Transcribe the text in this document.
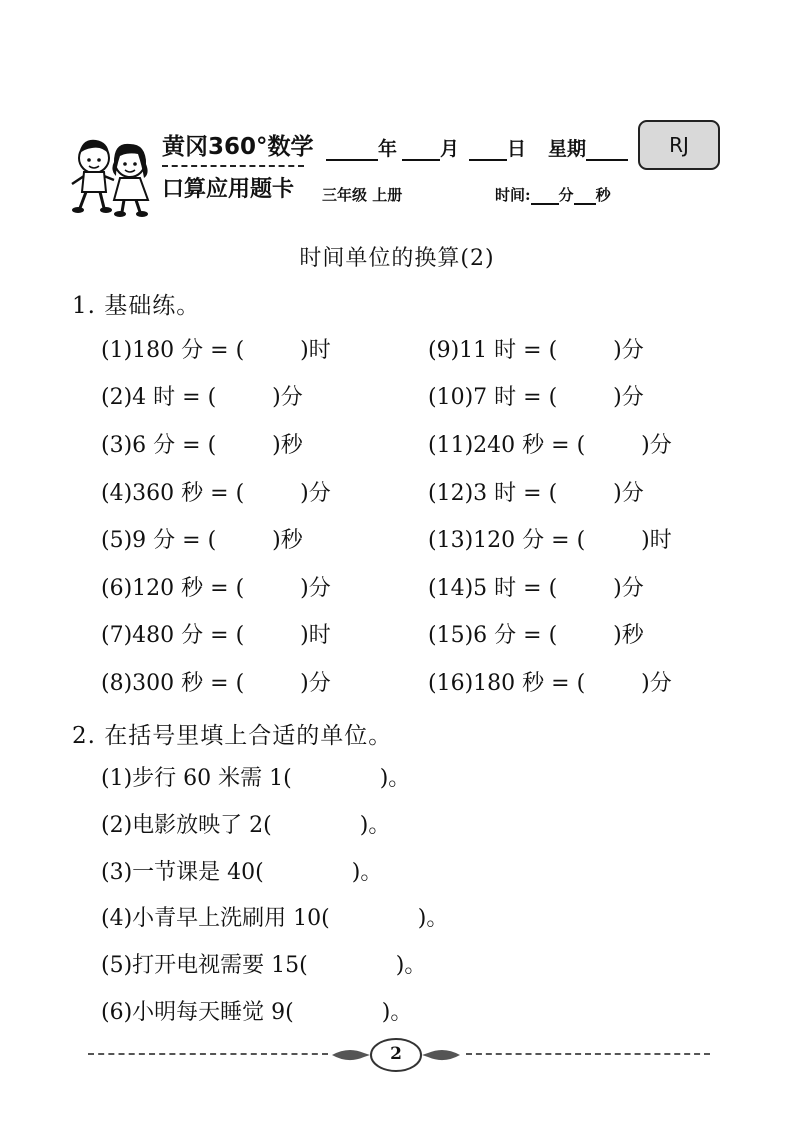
黄冈360°数学
口算应用题卡
年	月	日 星期
三年级 上册	时间: 分 秒
RJ
时间单位的换算(2)
1. 基础练。
(1)180 分 = (	)时
(2)4 时 = (	)分
(3)6 分 = (	)秒
(4)360 秒 = (	)分
(5)9 分 = (	)秒
(6)120 秒 = (	)分
(7)480 分 = (	)时
(8)300 秒 = (	)分
(9)11 时 = (	)分
(10)7 时 = (	)分
(11)240 秒 = (	)分
(12)3 时 = (	)分
(13)120 分 = (	)时
(14)5 时 = (	)分
(15)6 分 = (	)秒
(16)180 秒 = (	)分
2. 在括号里填上合适的单位。
(1)步行 60 米需 1(	)。
(2)电影放映了 2(	)。
(3)一节课是 40(	)。
(4)小青早上洗刷用 10(	)。
(5)打开电视需要 15(	)。
(6)小明每天睡觉 9(	)。
2
